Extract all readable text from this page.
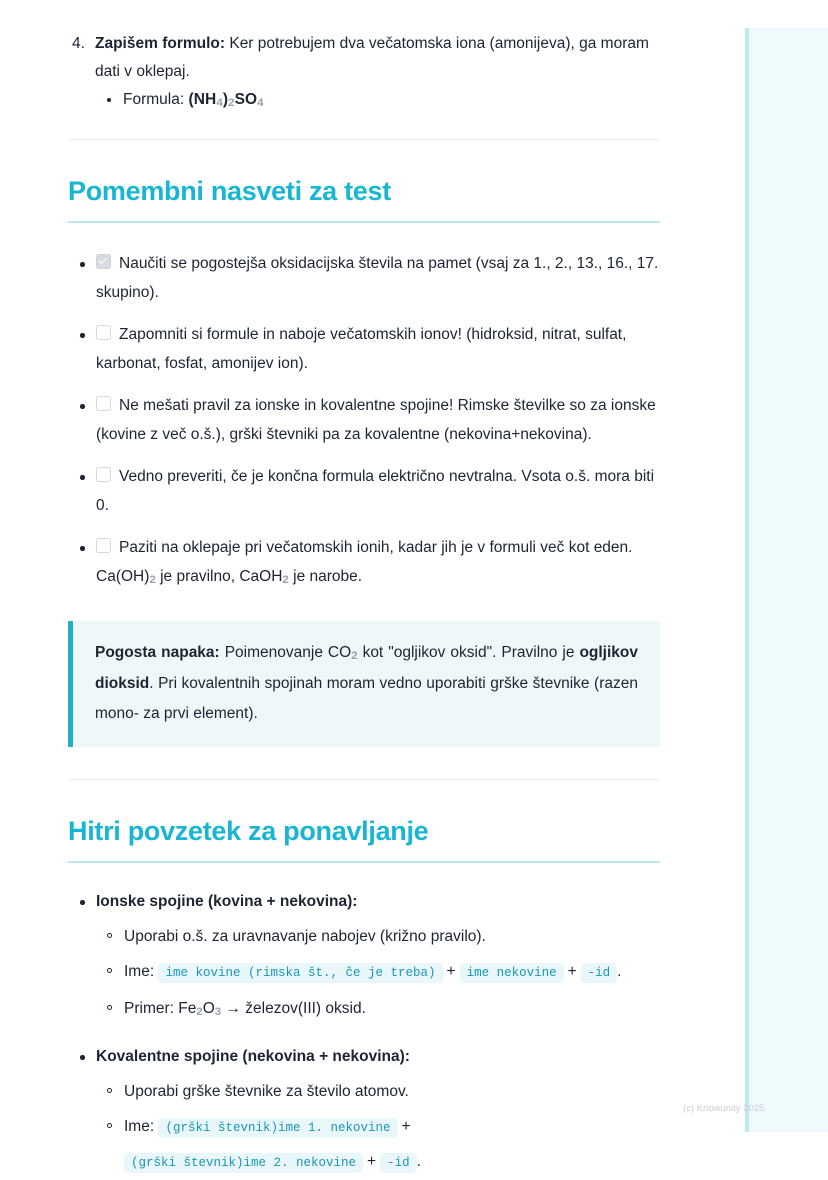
4. Zapišem formulo: Ker potrebujem dva večatomska iona (amonijeva), ga moram dati v oklepaj.
Formula: $(NH_4)_2SO_4$
Pomembni nasveti za test
Naučiti se pogostejša oksidacijska števila na pamet (vsaj za 1., 2., 13., 16., 17. skupino).
Zapomniti si formule in naboje večatomskih ionov! (hidroksid, nitrat, sulfat, karbonat, fosfat, amonijev ion).
Ne mešati pravil za ionske in kovalentne spojine! Rimske številke so za ionske (kovine z več o.š.), grški števniki pa za kovalentne (nekovina+nekovina).
Vedno preveriti, če je končna formula električno nevtralna. Vsota o.š. mora biti 0.
Paziti na oklepaje pri večatomskih ionih, kadar jih je v formuli več kot eden. $Ca(OH)_2$ je pravilno, CaOH$_2$ je narobe.
Pogosta napaka: Poimenovanje $CO_2$ kot "ogljikov oksid". Pravilno je ogljikov dioksid. Pri kovalentnih spojinah moram vedno uporabiti grške števnike (razen mono- za prvi element).
Hitri povzetek za ponavljanje
Ionske spojine (kovina + nekovina):
Uporabi o.š. za uravnavanje nabojev (križno pravilo).
Ime: ime kovine (rimska št., če je treba) + ime nekovine + -id .
Primer: $Fe_2O_3$ → železov(III) oksid.
Kovalentne spojine (nekovina + nekovina):
Uporabi grške števnike za število atomov.
Ime: (grški števnik)ime 1. nekovine +(grški števnik)ime 2. nekovine + -id .
(c) Knowunity 2025
